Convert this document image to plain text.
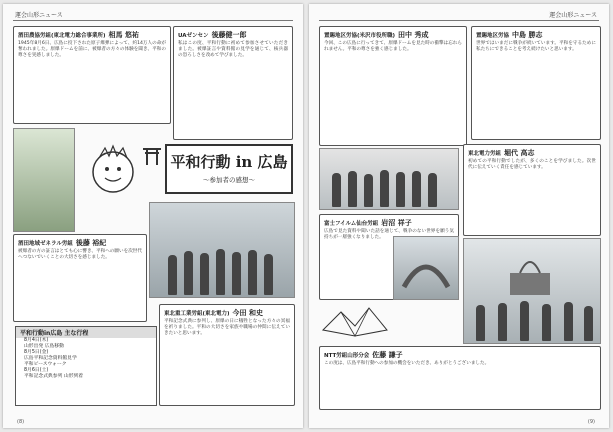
運会山形ニュース
酒田農協労組(東北電力総合事業所) 相馬 悠祐
1945年8月6日、広島に投下された原子爆弾によって、約14万人の命が奪われました。原爆ドームを前に、被爆者の方々の体験を聞き、平和の尊さを実感しました。
UAゼンセン 後藤健一郎
私はこの度、平和行動に初めて参加させていただきました。被爆証言や資料館の見学を通じて、核兵器の恐ろしさを改めて学びました。
平和行動 in 広島
～参加者の感想～
酒田地域ゼネラル労組 後藤 裕紀
被爆者の方の証言はとても心に響き、平和への願いを次世代へつないでいくことの大切さを感じました。
平和行動in広島 主な行程
8月4日(木)
山形出発 広島移動
8月5日(金)
広島平和記念資料館見学
平和ピースウォーク
8月6日(土)
平和記念式典参列 山形到着
東北重工業労組(東北電力) 今田 和史
平和記念式典に参列し、原爆の日に犠牲となった方々の冥福を祈りました。平和の大切さを家族や職場の仲間に伝えていきたいと思います。
(8)
運会山形ニュース
置賜地区労協(米沢市役所職) 田中 秀成
今回、この広島に行ってきて、原爆ドームを見た時の衝撃は忘れられません。平和の尊さを強く感じました。
置賜地区労協 中島 勝志
世界ではいまだに戦争が続いています。平和を守るために私たちにできることを考え続けたいと思います。
東北電力労組 堀代 高志
初めての平和行動でしたが、多くのことを学びました。次世代に伝えていく責任を感じています。
富士フイルム仙台労組 岩沼 祥子
広島で見た資料や聞いた話を通じて、戦争のない世界を願う気持ちが一層強くなりました。
NTT労組山形分会 佐藤 謙子
この度は、広島平和行動への参加の機会をいただき、ありがとうございました。
(9)
